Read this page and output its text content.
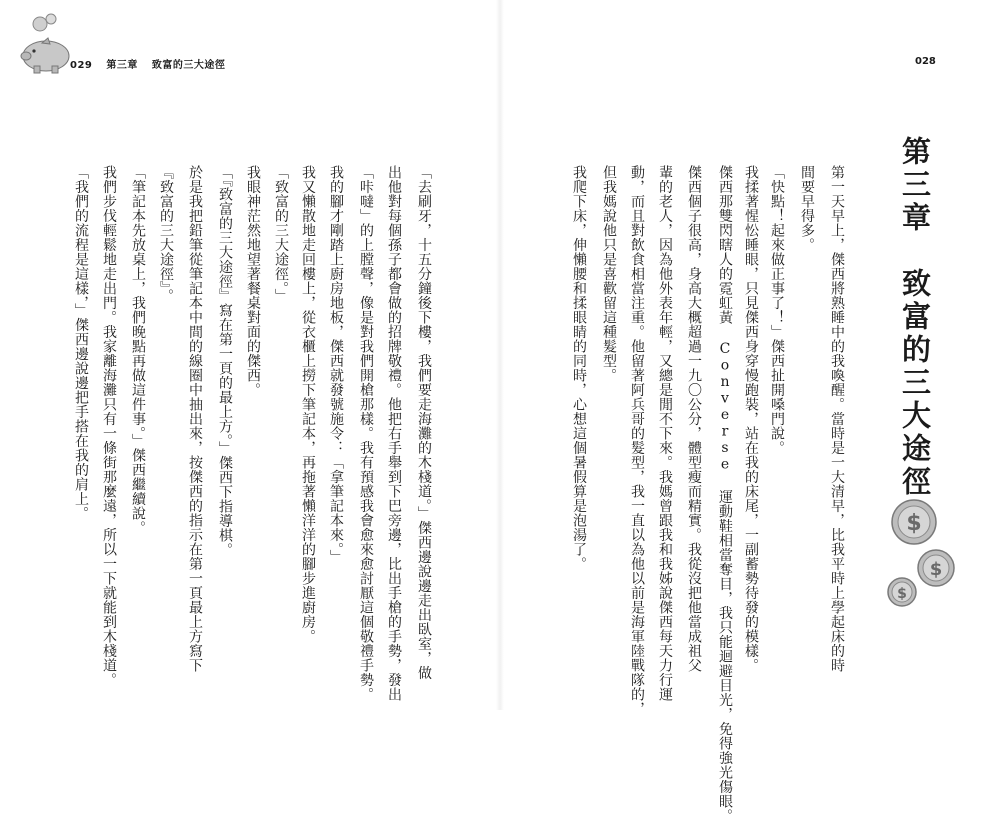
029 第三章 致富的三大途徑	028
第三章　致富的三大途徑
第一天早上，傑西將熟睡中的我喚醒。當時是一大清早，比我平時上學起床的時
間要早得多。
「快點！起來做正事了！」傑西扯開嗓門說。
我揉著惺忪睡眼，只見傑西身穿慢跑裝，站在我的床尾，一副蓄勢待發的模樣。
傑西那雙閃瞎人的霓虹黃 Converse 運動鞋相當奪目，我只能迴避目光，免得強光傷眼。
傑西個子很高，身高大概超過一九〇公分，體型瘦而精實。我從沒把他當成祖父
輩的老人，因為他外表年輕，又總是閒不下來。我媽曾跟我和我姊說傑西每天力行運
動，而且對飲食相當注重。他留著阿兵哥的髮型，我一直以為他以前是海軍陸戰隊的，
但我媽說他只是喜歡留這種髮型。
我爬下床，伸懶腰和揉眼睛的同時，心想這個暑假算是泡湯了。
「去刷牙，十五分鐘後下樓，我們要走海灘的木棧道。」傑西邊說邊走出臥室，做
出他對每個孫子都會做的招牌敬禮。他把右手舉到下巴旁邊，比出手槍的手勢，發出
「咔噠」的上膛聲，像是對我們開槍那樣。我有預感我會愈來愈討厭這個敬禮手勢。
我的腳才剛踏上廚房地板，傑西就發號施令：「拿筆記本來。」
我又懶散地走回樓上，從衣櫃上撈下筆記本，再拖著懶洋洋的腳步進廚房。
「致富的三大途徑。」
我眼神茫然地望著餐桌對面的傑西。
「『致富的三大途徑』寫在第一頁的最上方。」傑西下指導棋。
於是我把鉛筆從筆記本中間的線圈中抽出來，按傑西的指示在第一頁最上方寫下
『致富的三大途徑』。
「筆記本先放桌上，我們晚點再做這件事。」傑西繼續說。
我們步伐輕鬆地走出門。我家離海灘只有一條街那麼遠，所以一下就能到木棧道。
「我們的流程是這樣，」傑西邊說邊把手搭在我的肩上。
$
$
$
